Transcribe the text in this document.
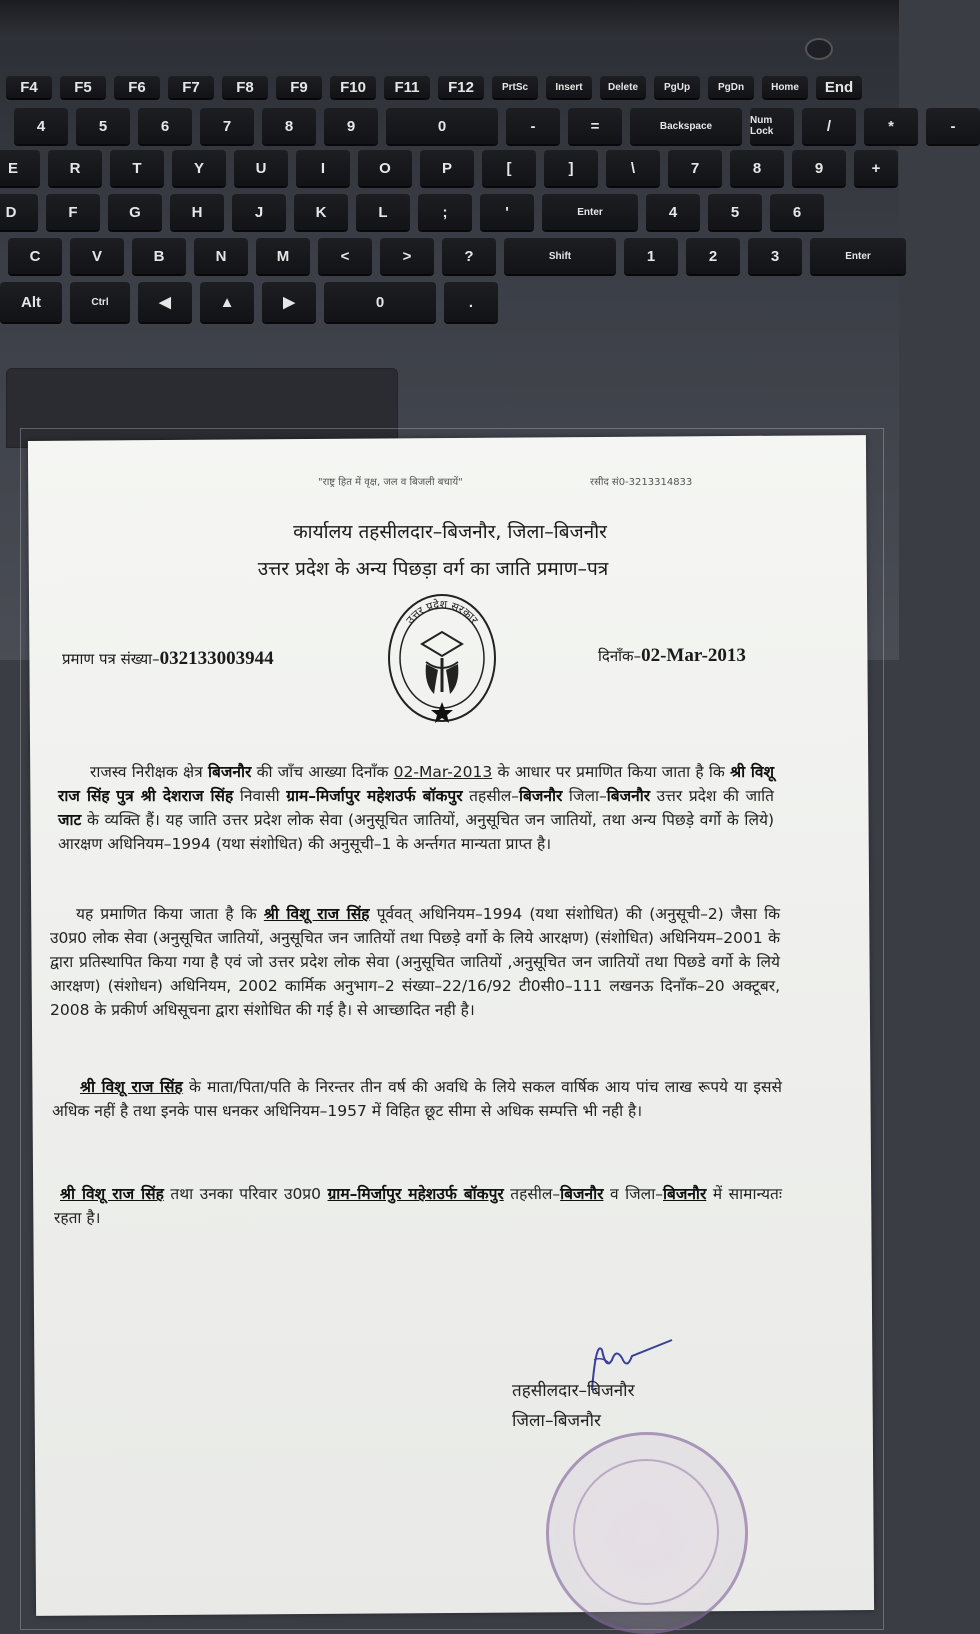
F4	F5	F6	F7	F8	F9	F10	F11	F12	PrtSc	Insert	Delete	PgUp	PgDn	Home	End
4	5	6	7	8	9	0	-	=	Backspace	Num Lock	/	*	-
E	R	T	Y	U	I	O	P	[	]	\	7	8	9	+
D	F	G	H	J	K	L	;	'	Enter	4	5	6
C	V	B	N	M	<	>	?	Shift	1	2	3	Enter
Alt	Ctrl	◀	▲	▶	0	.
"राष्ट्र हित में वृक्ष, जल व बिजली बचायें"	रसीद सं0-3213314833
कार्यालय तहसीलदार–बिजनौर, जिला–बिजनौर
उत्तर प्रदेश के अन्य पिछड़ा वर्ग का जाति प्रमाण–पत्र
प्रमाण पत्र संख्या–032133003944	दिनाँक–02-Mar-2013
उत्तर प्रदेश सरकार
राजस्व निरीक्षक क्षेत्र बिजनौर की जाँच आख्या दिनाँक 02-Mar-2013 के आधार पर प्रमाणित किया जाता है कि श्री विशू राज सिंह पुत्र श्री देशराज सिंह निवासी ग्राम–मिर्जापुर महेशउर्फ बॉकपुर तहसील–बिजनौर जिला–बिजनौर उत्तर प्रदेश की जाति जाट के व्यक्ति हैं। यह जाति उत्तर प्रदेश लोक सेवा (अनुसूचित जातियों, अनुसूचित जन जातियों, तथा अन्य पिछड़े वर्गो के लिये) आरक्षण अधिनियम–1994 (यथा संशोधित) की अनुसूची–1 के अर्न्तगत मान्यता प्राप्त है।
यह प्रमाणित किया जाता है कि श्री विशू राज सिंह पूर्ववत् अधिनियम–1994 (यथा संशोधित) की (अनुसूची–2) जैसा कि उ0प्र0 लोक सेवा (अनुसूचित जातियों, अनुसूचित जन जातियों तथा पिछड़े वर्गो के लिये आरक्षण) (संशोधित) अधिनियम–2001 के द्वारा प्रतिस्थापित किया गया है एवं जो उत्तर प्रदेश लोक सेवा (अनुसूचित जातियों ,अनुसूचित जन जातियों तथा पिछडे वर्गो के लिये आरक्षण) (संशोधन) अधिनियम, 2002 कार्मिक अनुभाग–2 संख्या–22/16/92 टी0सी0–111 लखनऊ दिनाँक–20 अक्टूबर, 2008 के प्रकीर्ण अधिसूचना द्वारा संशोधित की गई है। से आच्छादित नही है।
श्री विशू राज सिंह के माता/पिता/पति के निरन्तर तीन वर्ष की अवधि के लिये सकल वार्षिक आय पांच लाख रूपये या इससे अधिक नहीं है तथा इनके पास धनकर अधिनियम–1957 में विहित छूट सीमा से अधिक सम्पत्ति भी नही है।
श्री विशू राज सिंह तथा उनका परिवार उ0प्र0 ग्राम–मिर्जापुर महेशउर्फ बॉकपुर तहसील–बिजनौर व जिला–बिजनौर में सामान्यतः रहता है।
तहसीलदार–बिजनौर
जिला–बिजनौर
